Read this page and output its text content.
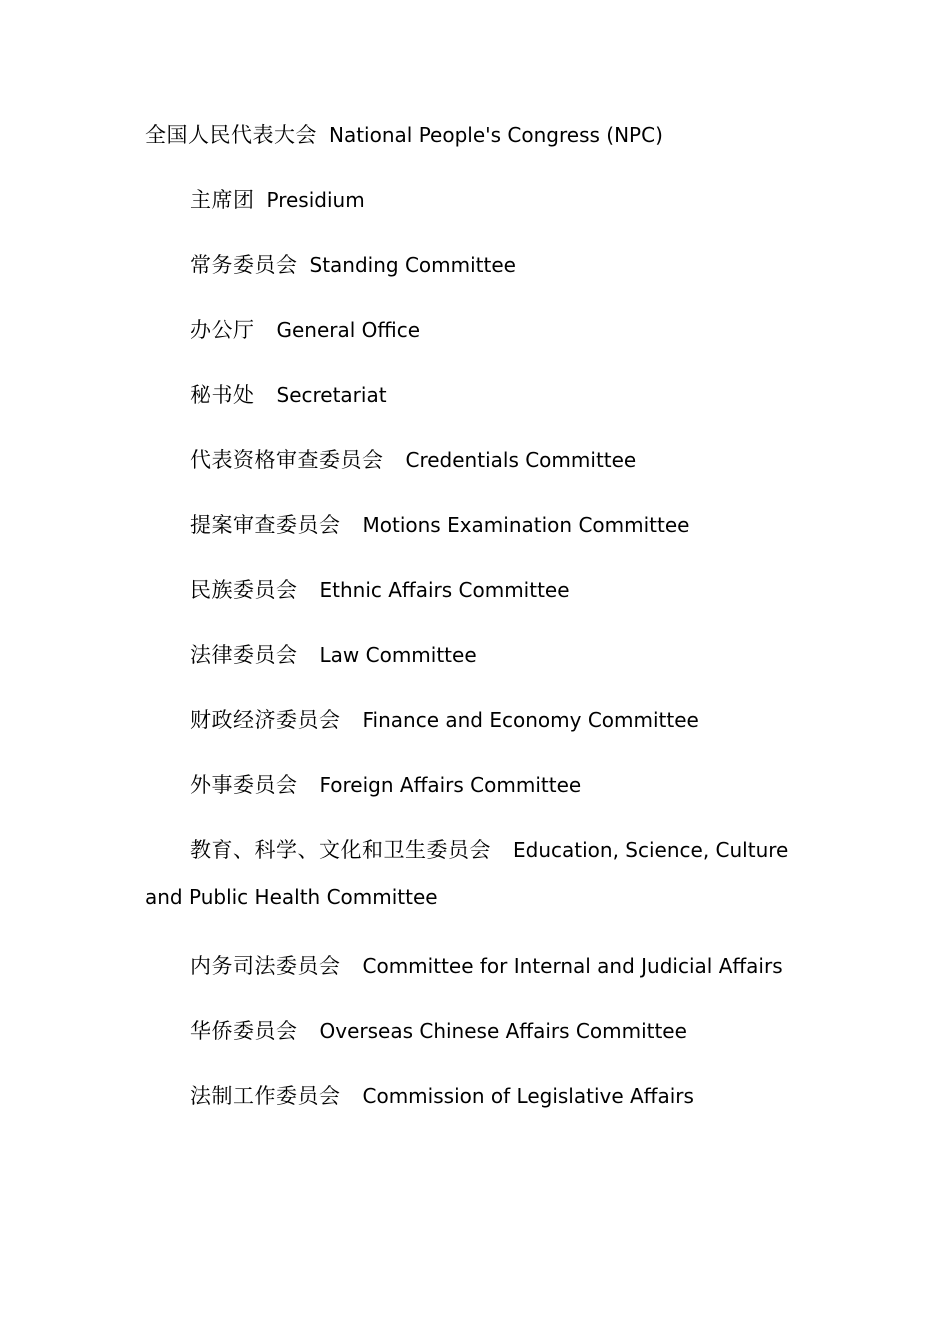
全国人民代表大会 National People's Congress (NPC)

主席团 Presidium

常务委员会 Standing Committee

办公厅 General Office

秘书处 Secretariat

代表资格审查委员会 Credentials Committee

提案审查委员会 Motions Examination Committee

民族委员会 Ethnic Affairs Committee

法律委员会 Law Committee

财政经济委员会 Finance and Economy Committee

外事委员会 Foreign Affairs Committee

教育、科学、文化和卫生委员会 Education, Science, Culture and Public Health Committee

内务司法委员会 Committee for Internal and Judicial Affairs

华侨委员会 Overseas Chinese Affairs Committee

法制工作委员会 Commission of Legislative Affairs
